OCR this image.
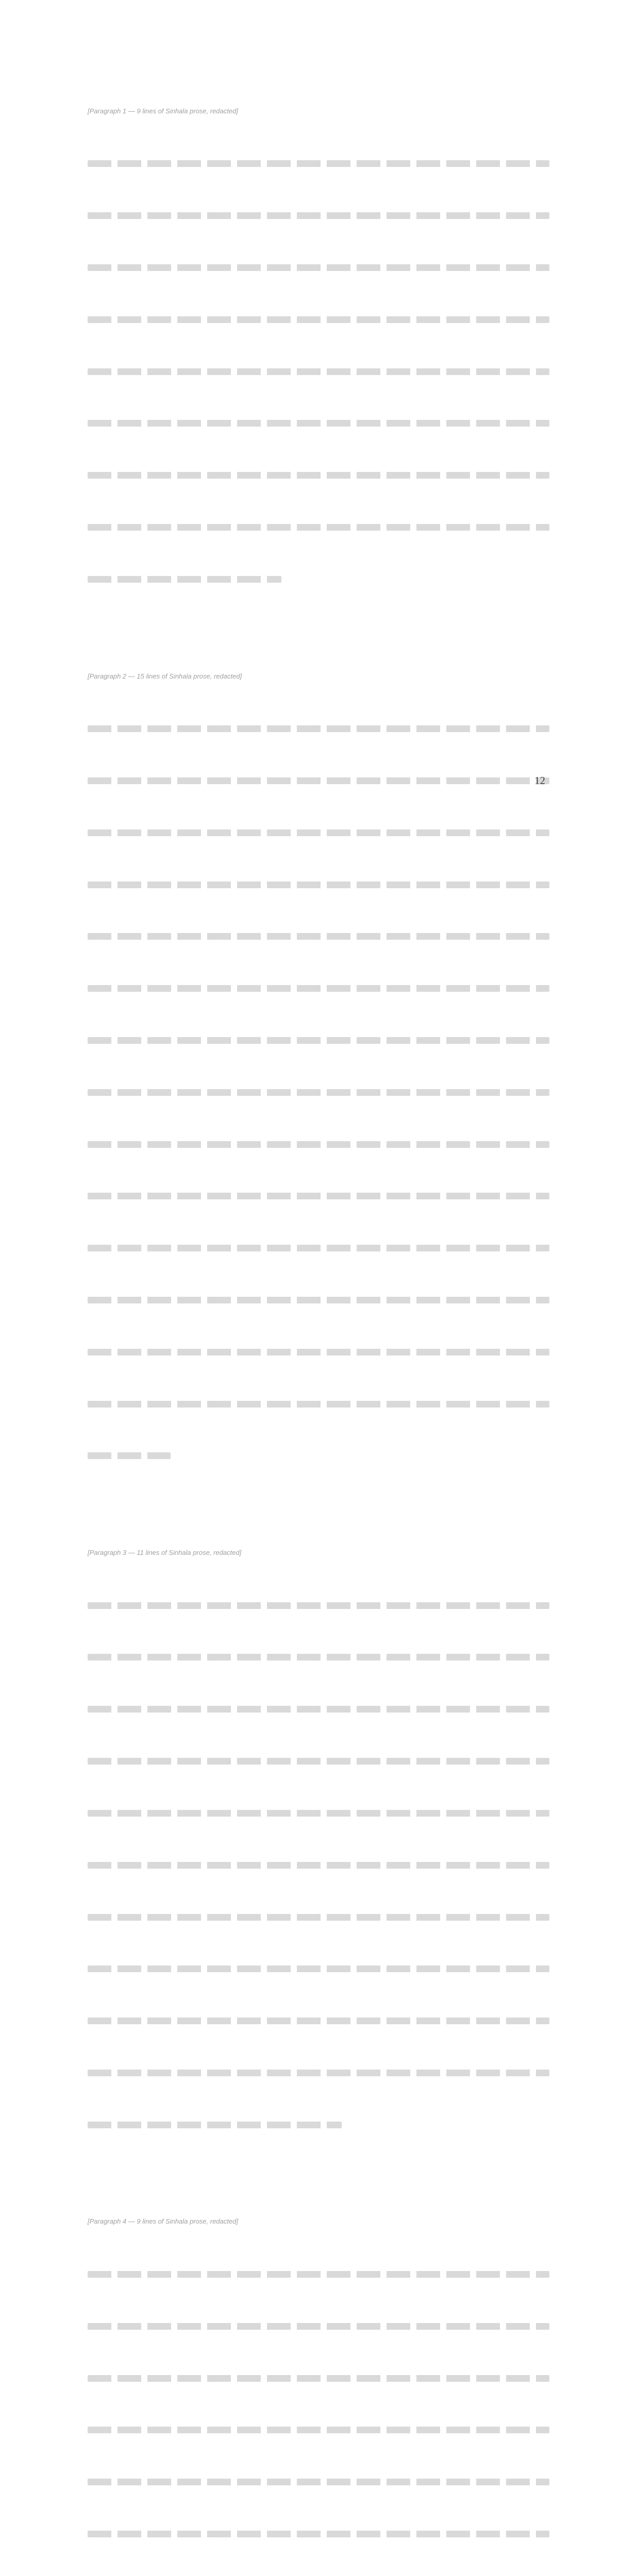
[Paragraph 1 — 9 lines of Sinhala prose, redacted]

[Paragraph 2 — 15 lines of Sinhala prose, redacted]

[Paragraph 3 — 11 lines of Sinhala prose, redacted]

[Paragraph 4 — 9 lines of Sinhala prose, redacted]

12
